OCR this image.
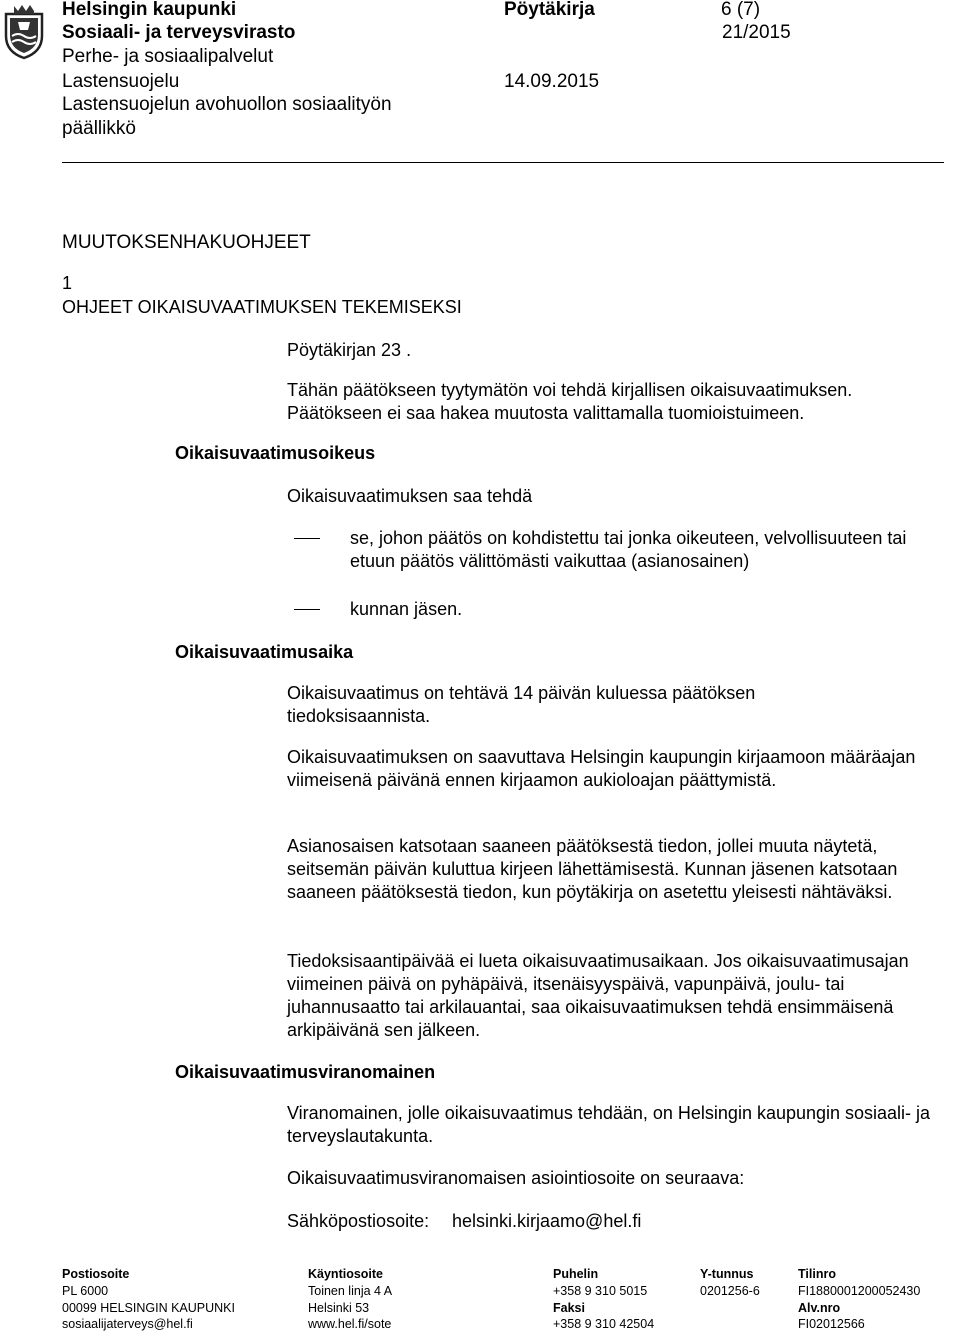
Helsingin kaupunki
Sosiaali- ja terveysvirasto
Perhe- ja sosiaalipalvelut
Lastensuojelu
Lastensuojelun avohuollon sosiaalityön
päällikkö
Pöytäkirja	6 (7)
21/2015
14.09.2015
MUUTOKSENHAKUOHJEET
1
OHJEET OIKAISUVAATIMUKSEN TEKEMISEKSI
Pöytäkirjan 23 .
Tähän päätökseen tyytymätön voi tehdä kirjallisen oikaisuvaatimuksen.
Päätökseen ei saa hakea muutosta valittamalla tuomioistuimeen.
Oikaisuvaatimusoikeus
Oikaisuvaatimuksen saa tehdä
se, johon päätös on kohdistettu tai jonka oikeuteen, velvollisuuteen tai etuun päätös välittömästi vaikuttaa (asianosainen)
kunnan jäsen.
Oikaisuvaatimusaika
Oikaisuvaatimus on tehtävä 14 päivän kuluessa päätöksen tiedoksisaannista.
Oikaisuvaatimuksen on saavuttava Helsingin kaupungin kirjaamoon määräajan viimeisenä päivänä ennen kirjaamon aukioloajan päättymistä.
Asianosaisen katsotaan saaneen päätöksestä tiedon, jollei muuta näytetä, seitsemän päivän kuluttua kirjeen lähettämisestä. Kunnan jäsenen katsotaan saaneen päätöksestä tiedon, kun pöytäkirja on asetettu yleisesti nähtäväksi.
Tiedoksisaantipäivää ei lueta oikaisuvaatimusaikaan. Jos oikaisuvaatimusajan viimeinen päivä on pyhäpäivä, itsenäisyyspäivä, vapunpäivä, joulu- tai juhannusaatto tai arkilauantai, saa oikaisuvaatimuksen tehdä ensimmäisenä arkipäivänä sen jälkeen.
Oikaisuvaatimusviranomainen
Viranomainen, jolle oikaisuvaatimus tehdään, on Helsingin kaupungin sosiaali- ja terveyslautakunta.
Oikaisuvaatimusviranomaisen asiointiosoite on seuraava:
Sähköpostiosoite: helsinki.kirjaamo@hel.fi
Postiosoite
PL 6000
00099 HELSINGIN KAUPUNKI
sosiaalijaterveys@hel.fi
Käyntiosoite
Toinen linja 4 A
Helsinki 53
www.hel.fi/sote
Puhelin
+358 9 310 5015
Faksi
+358 9 310 42504
Y-tunnus
0201256-6
Tilinro
FI1880001200052430
Alv.nro
FI02012566
